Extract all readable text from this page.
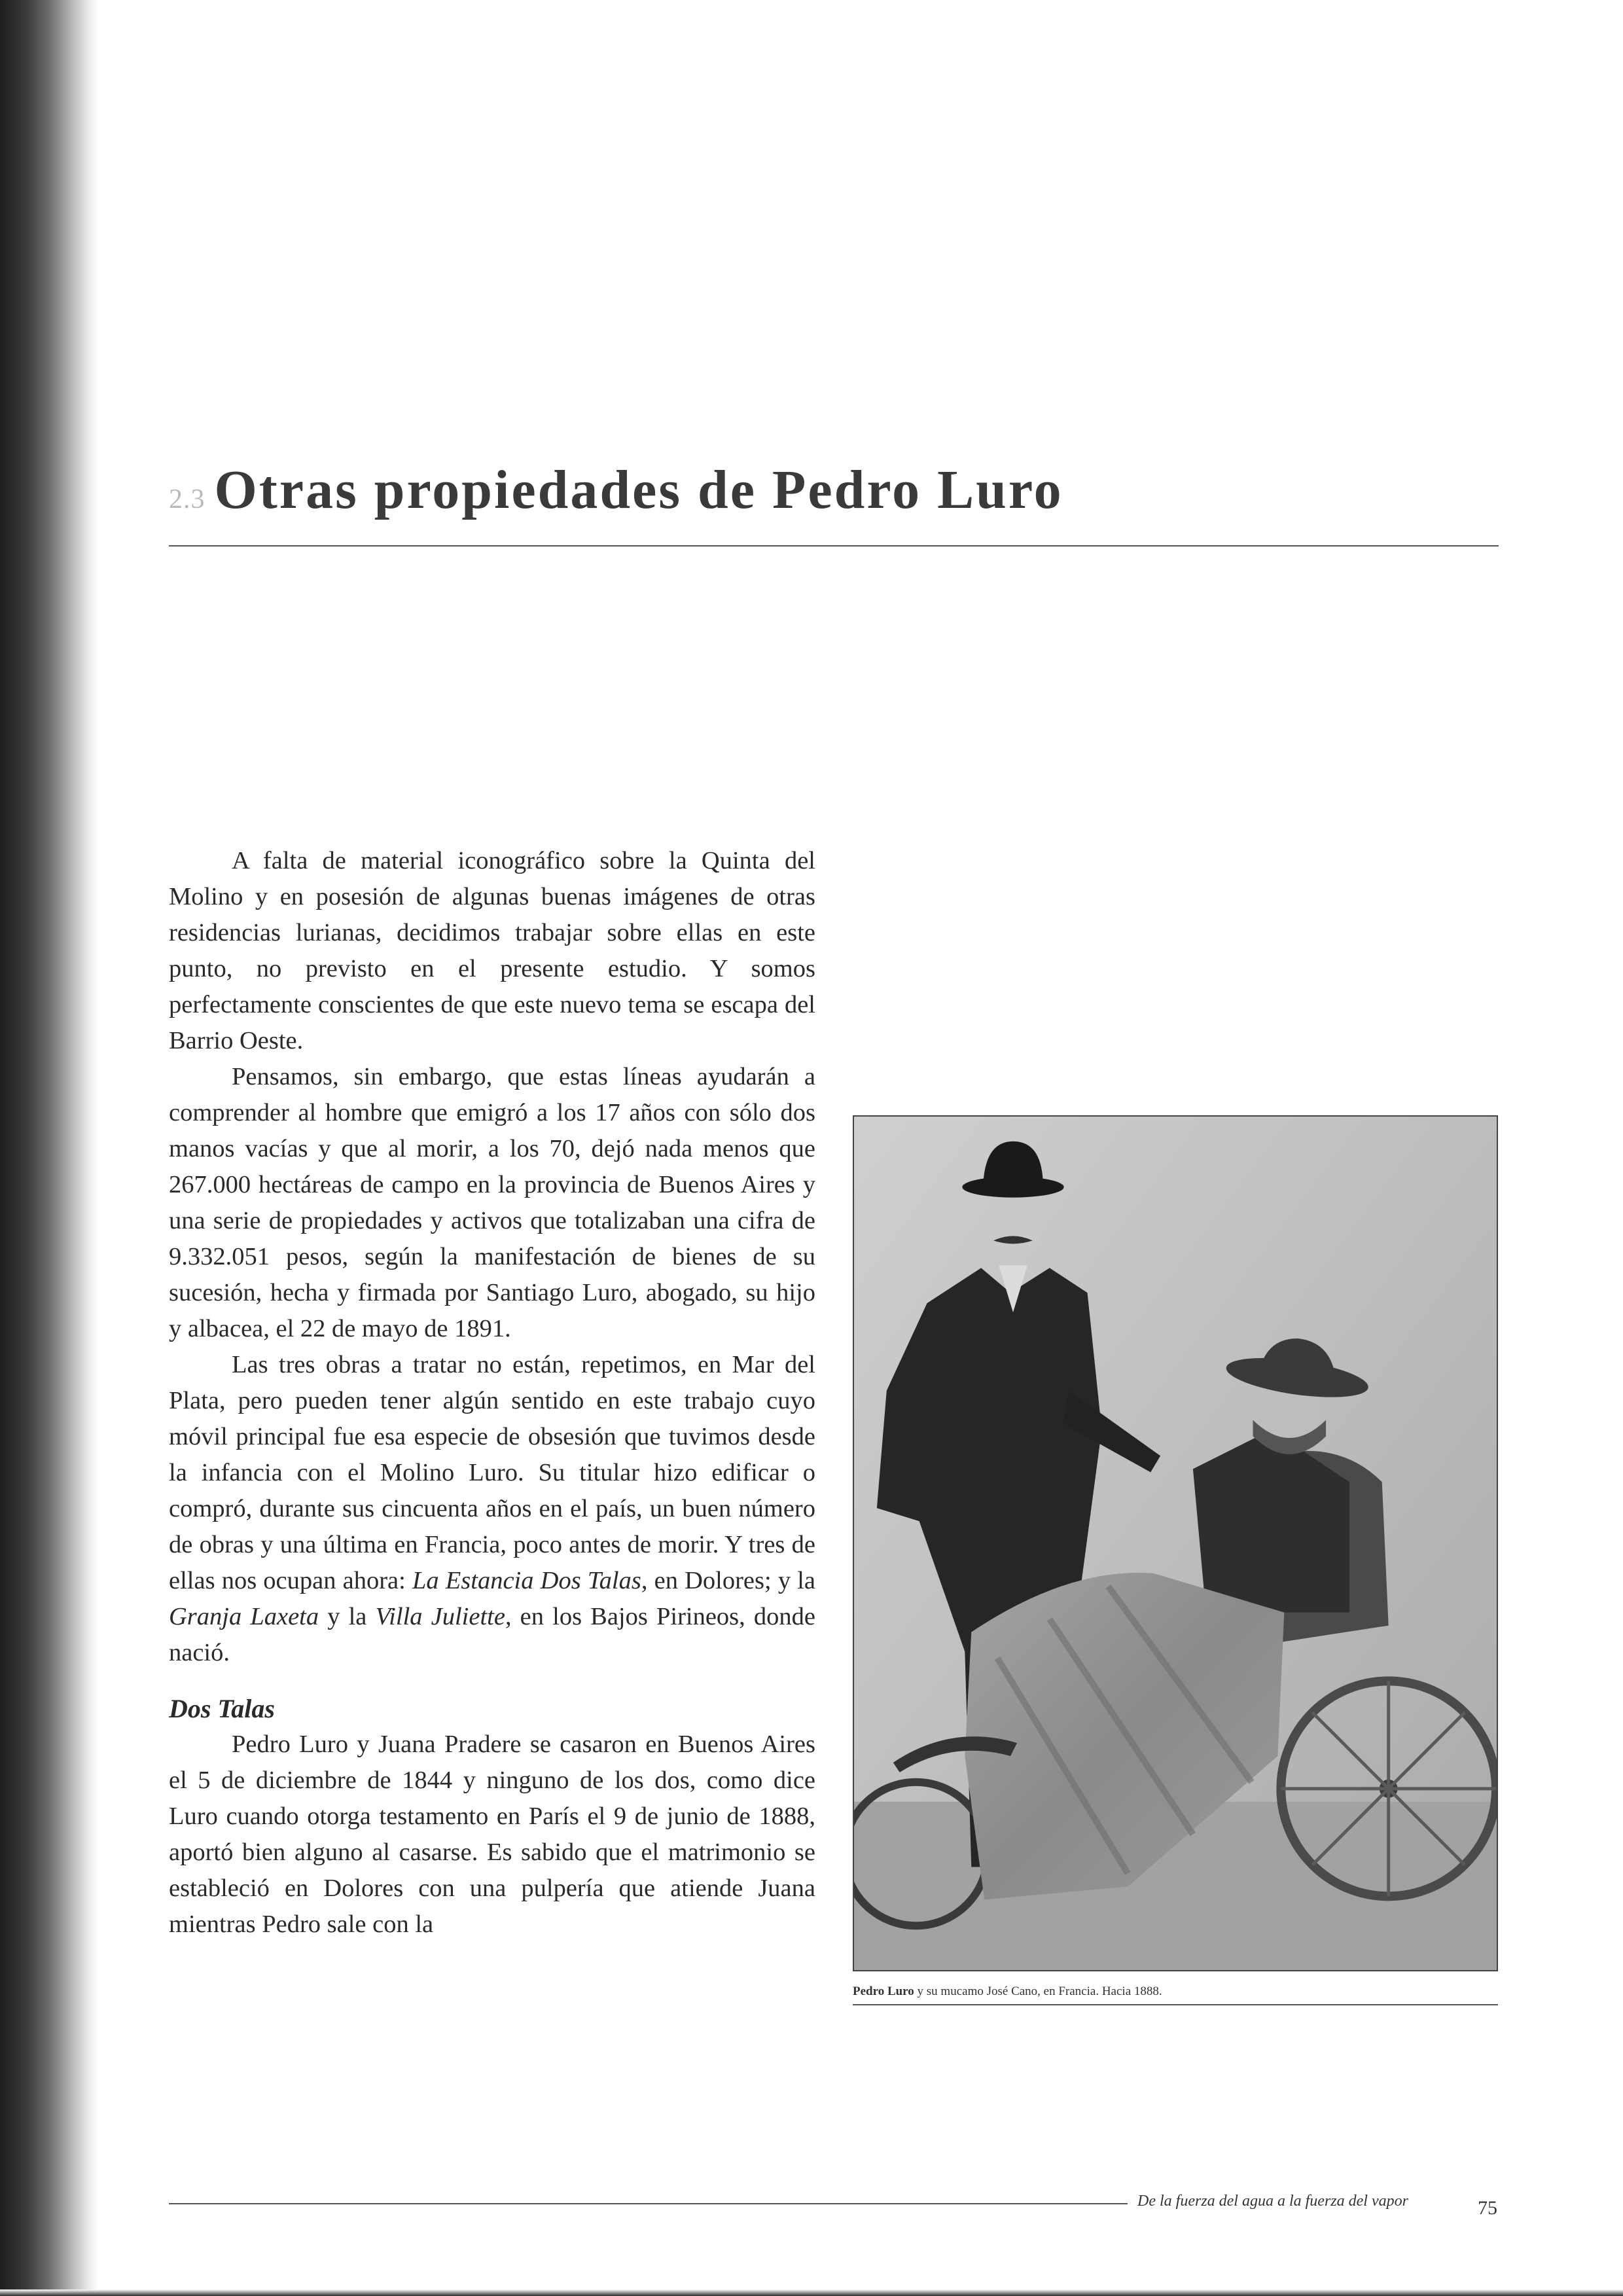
2.3 Otras propiedades de Pedro Luro

A falta de material iconográfico sobre la Quinta del Molino y en posesión de algunas buenas imágenes de otras residencias lurianas, decidimos trabajar sobre ellas en este punto, no previsto en el presente estudio. Y somos perfectamente conscientes de que este nuevo tema se escapa del Barrio Oeste.

Pensamos, sin embargo, que estas líneas ayudarán a comprender al hombre que emigró a los 17 años con sólo dos manos vacías y que al morir, a los 70, dejó nada menos que 267.000 hectáreas de campo en la provincia de Buenos Aires y una serie de propiedades y activos que totalizaban una cifra de 9.332.051 pesos, según la manifestación de bienes de su sucesión, hecha y firmada por Santiago Luro, abogado, su hijo y albacea, el 22 de mayo de 1891.

Las tres obras a tratar no están, repetimos, en Mar del Plata, pero pueden tener algún sentido en este trabajo cuyo móvil principal fue esa especie de obsesión que tuvimos desde la infancia con el Molino Luro. Su titular hizo edificar o compró, durante sus cincuenta años en el país, un buen número de obras y una última en Francia, poco antes de morir. Y tres de ellas nos ocupan ahora: La Estancia Dos Talas, en Dolores; y la Granja Laxeta y la Villa Juliette, en los Bajos Pirineos, donde nació.

Dos Talas

Pedro Luro y Juana Pradere se casaron en Buenos Aires el 5 de diciembre de 1844 y ninguno de los dos, como dice Luro cuando otorga testamento en París el 9 de junio de 1888, aportó bien alguno al casarse. Es sabido que el matrimonio se estableció en Dolores con una pulpería que atiende Juana mientras Pedro sale con la

Pedro Luro y su mucamo José Cano, en Francia. Hacia 1888.
De la fuerza del agua a la fuerza del vapor	75
